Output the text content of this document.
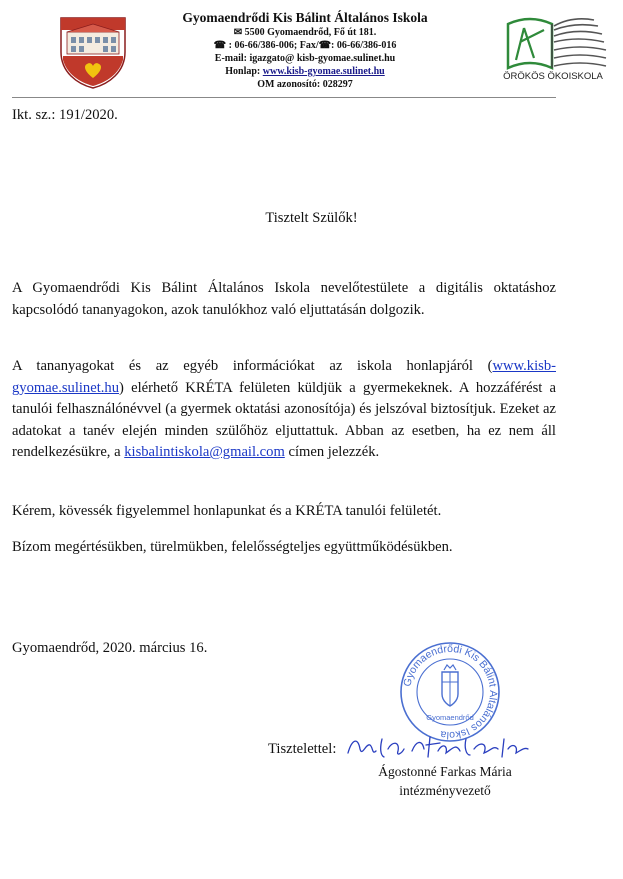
Gyomaendrődi Kis Bálint Általános Iskola
✉ 5500 Gyomaendrőd, Fő út 181.
☎ : 06-66/386-006; Fax/☎: 06-66/386-016
E-mail: igazgato@ kisb-gyomae.sulinet.hu
Honlap: www.kisb-gyomae.sulinet.hu
OM azonosító: 028297
ÖRÖKÖS ÖKOISKOLA
Ikt. sz.: 191/2020.
Tisztelt Szülők!
A Gyomaendrődi Kis Bálint Általános Iskola nevelőtestülete a digitális oktatáshoz kapcsolódó tananyagokon, azok tanulókhoz való eljuttatásán dolgozik.
A tananyagokat és az egyéb információkat az iskola honlapjáról (www.kisb-gyomae.sulinet.hu) elérhető KRÉTA felületen küldjük a gyermekeknek. A hozzáférést a tanulói felhasználónévvel (a gyermek oktatási azonosítója) és jelszóval biztosítjuk. Ezeket az adatokat a tanév elején minden szülőhöz eljuttattuk. Abban az esetben, ha ez nem áll rendelkezésükre, a kisbalintiskola@gmail.com címen jelezzék.
Kérem, kövessék figyelemmel honlapunkat és a KRÉTA tanulói felületét.
Bízom megértésükben, türelmükben, felelősségteljes együttműködésükben.
Gyomaendrőd, 2020. március 16.
Gyomaendrődi Kis Bálint Általános Iskola
Gyomaendrőd
Tisztelettel:
Ágostonné Farkas Mária
intézményvezető
